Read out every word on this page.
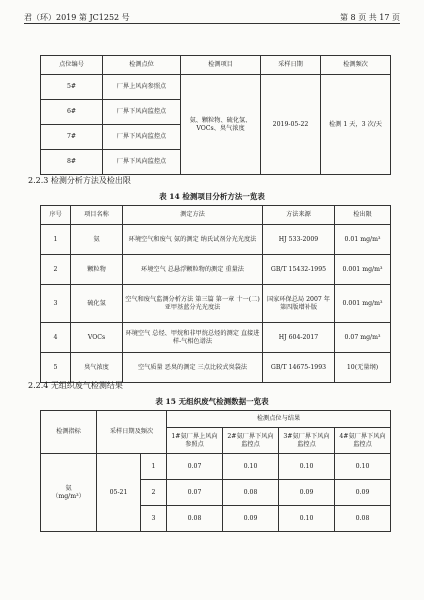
君（环）2019 第 JC1252 号	第 8 页 共 17 页
点位编号	检测点位	检测项目	采样日期	检测频次
5#	厂界上风向参照点	氨、颗粒物、硫化氢、
VOCs、臭气浓度	2019-05-22	检测 1 天，3 次/天
6#	厂界下风向监控点			
7#	厂界下风向监控点			
8#	厂界下风向监控点			
2.2.3 检测分析方法及检出限
表 14 检测项目分析方法一览表
序号	项目名称	测定方法	方法来源	检出限
1	氨	环境空气和废气 氨的测定 纳氏试剂分光光度法	HJ 533-2009	0.01 mg/m³
2	颗粒物	环境空气 总悬浮颗粒物的测定 重量法	GB/T 15432-1995	0.001 mg/m³
3	硫化氢	空气和废气监测分析方法 第三篇 第一章 十一(二)亚甲基蓝分光光度法	国家环保总局 2007 年第四版增补版	0.001 mg/m³
4	VOCs	环境空气 总烃、甲烷和非甲烷总烃的测定 直接进样-气相色谱法	HJ 604-2017	0.07 mg/m³
5	臭气浓度	空气质量 恶臭的测定 三点比较式臭袋法	GB/T 14675-1993	10(无量纲)
2.2.4 无组织废气检测结果
表 15 无组织废气检测数据一览表
检测指标	采样日期及频次		检测点位与结果			
			1#氨厂界上风向参照点	2#氨厂界下风向监控点	3#氨厂界下风向监控点	4#氨厂界下风向监控点
氨
（mg/m³）	05-21	1	0.07	0.10	0.10	0.10
		2	0.07	0.08	0.09	0.09
		3	0.08	0.09	0.10	0.08
